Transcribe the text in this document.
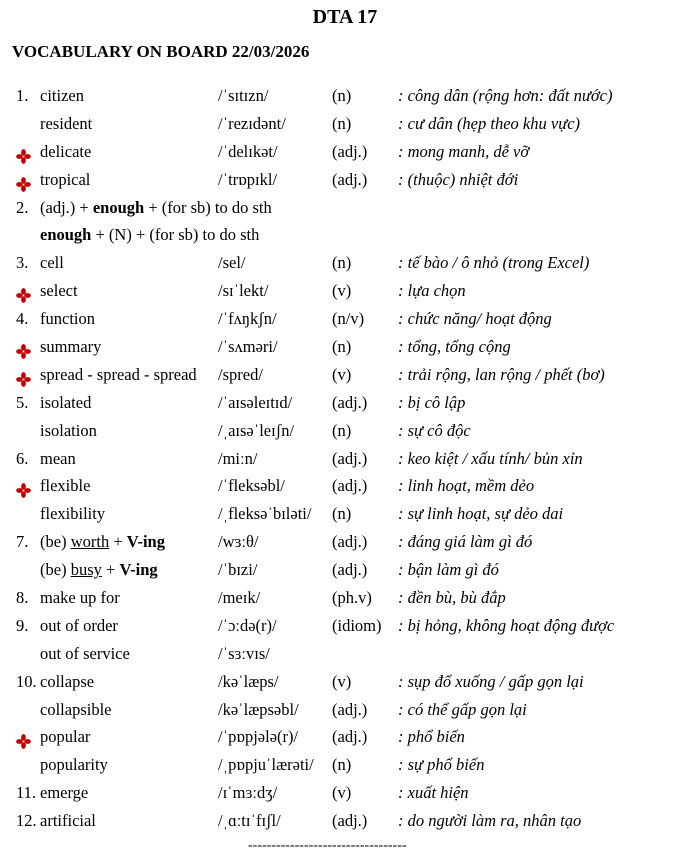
DTA 17
VOCABULARY ON BOARD 22/03/2026
1. citizen	/ˈsɪtɪzn/	(n)	: công dân (rộng hơn: đất nước)
resident	/ˈrezɪdənt/	(n)	: cư dân (hẹp theo khu vực)
delicate	/ˈdelɪkət/	(adj.) : mong manh, dễ vỡ
tropical	/ˈtrɒpɪkl/	(adj.) : (thuộc) nhiệt đới
2. (adj.) + enough + (for sb) to do sth
enough + (N) + (for sb) to do sth
3. cell	/sel/	(n)	: tế bào / ô nhỏ (trong Excel)
select	/sɪˈlekt/	(v)	: lựa chọn
4. function	/ˈfʌŋkʃn/	(n/v) : chức năng/ hoạt động
summary	/ˈsʌməri/	(n)	: tổng, tổng cộng
spread - spread - spread /spred/	(v)	: trải rộng, lan rộng / phết (bơ)
5. isolated	/ˈaɪsəleɪtɪd/ (adj.) : bị cô lập
isolation	/ˌaɪsəˈleɪʃn/ (n)	: sự cô độc
6. mean	/miːn/	(adj.) : keo kiệt / xấu tính/ bủn xỉn
flexible	/ˈfleksəbl/	(adj.) : linh hoạt, mềm dẻo
flexibility	/ˌfleksəˈbɪləti/ (n)	: sự linh hoạt, sự dẻo dai
7. (be) worth + V-ing	/wɜːθ/	(adj.) : đáng giá làm gì đó
(be) busy + V-ing	/ˈbɪzi/	(adj.) : bận làm gì đó
8. make up for	/meɪk/	(ph.v) : đền bù, bù đắp
9. out of order	/ˈɔːdə(r)/	(idiom) : bị hỏng, không hoạt động được
out of service	/ˈsɜːvɪs/
10. collapse	/kəˈlæps/	(v)	: sụp đổ xuống / gấp gọn lại
collapsible	/kəˈlæpsəbl/ (adj.) : có thể gấp gọn lại
popular	/ˈpɒpjələ(r)/ (adj.) : phổ biến
popularity	/ˌpɒpjuˈlærəti/ (n)	: sự phổ biến
11. emerge	/ɪˈmɜːdʒ/	(v)	: xuất hiện
12. artificial	/ˌɑːtɪˈfɪʃl/	(adj.) : do người làm ra, nhân tạo
----------------------------------
